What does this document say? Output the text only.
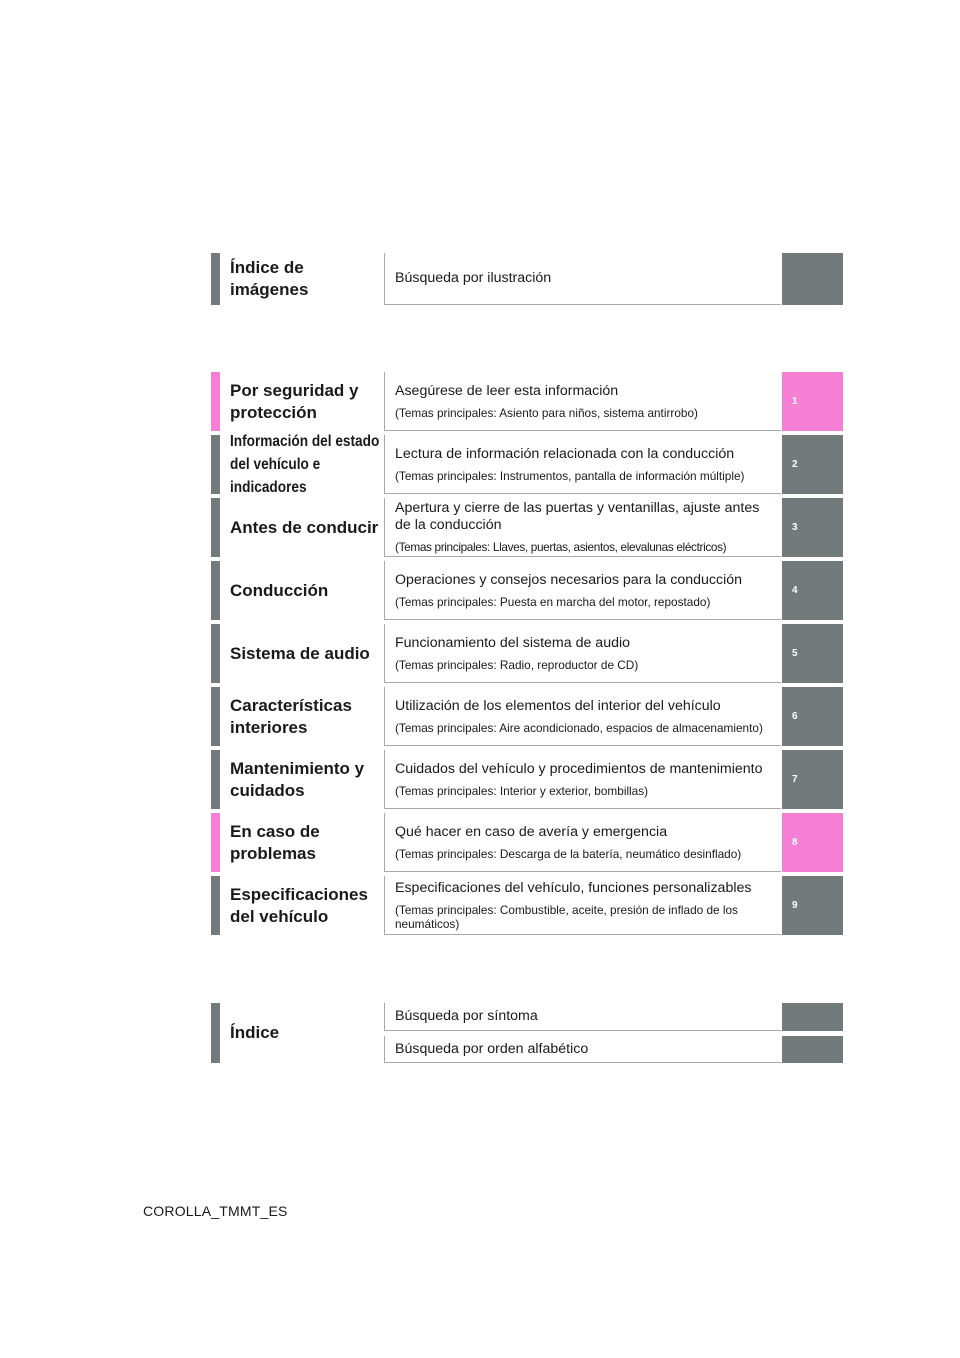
Índice de imágenes
Búsqueda por ilustración
Por seguridad y protección
Asegúrese de leer esta información
(Temas principales: Asiento para niños, sistema antirrobo)
1
Información del estado del vehículo e indicadores
Lectura de información relacionada con la conducción
(Temas principales: Instrumentos, pantalla de información múltiple)
2
Antes de conducir
Apertura y cierre de las puertas y ventanillas, ajuste antes de la conducción
(Temas principales: Llaves, puertas, asientos, elevalunas eléctricos)
3
Conducción
Operaciones y consejos necesarios para la conducción
(Temas principales: Puesta en marcha del motor, repostado)
4
Sistema de audio
Funcionamiento del sistema de audio
(Temas principales: Radio, reproductor de CD)
5
Características interiores
Utilización de los elementos del interior del vehículo
(Temas principales: Aire acondicionado, espacios de almacenamiento)
6
Mantenimiento y cuidados
Cuidados del vehículo y procedimientos de mantenimiento
(Temas principales: Interior y exterior, bombillas)
7
En caso de problemas
Qué hacer en caso de avería y emergencia
(Temas principales: Descarga de la batería, neumático desinflado)
8
Especificaciones del vehículo
Especificaciones del vehículo, funciones personalizables
(Temas principales: Combustible, aceite, presión de inflado de los neumáticos)
9
Índice
Búsqueda por síntoma
Búsqueda por orden alfabético
COROLLA_TMMT_ES
